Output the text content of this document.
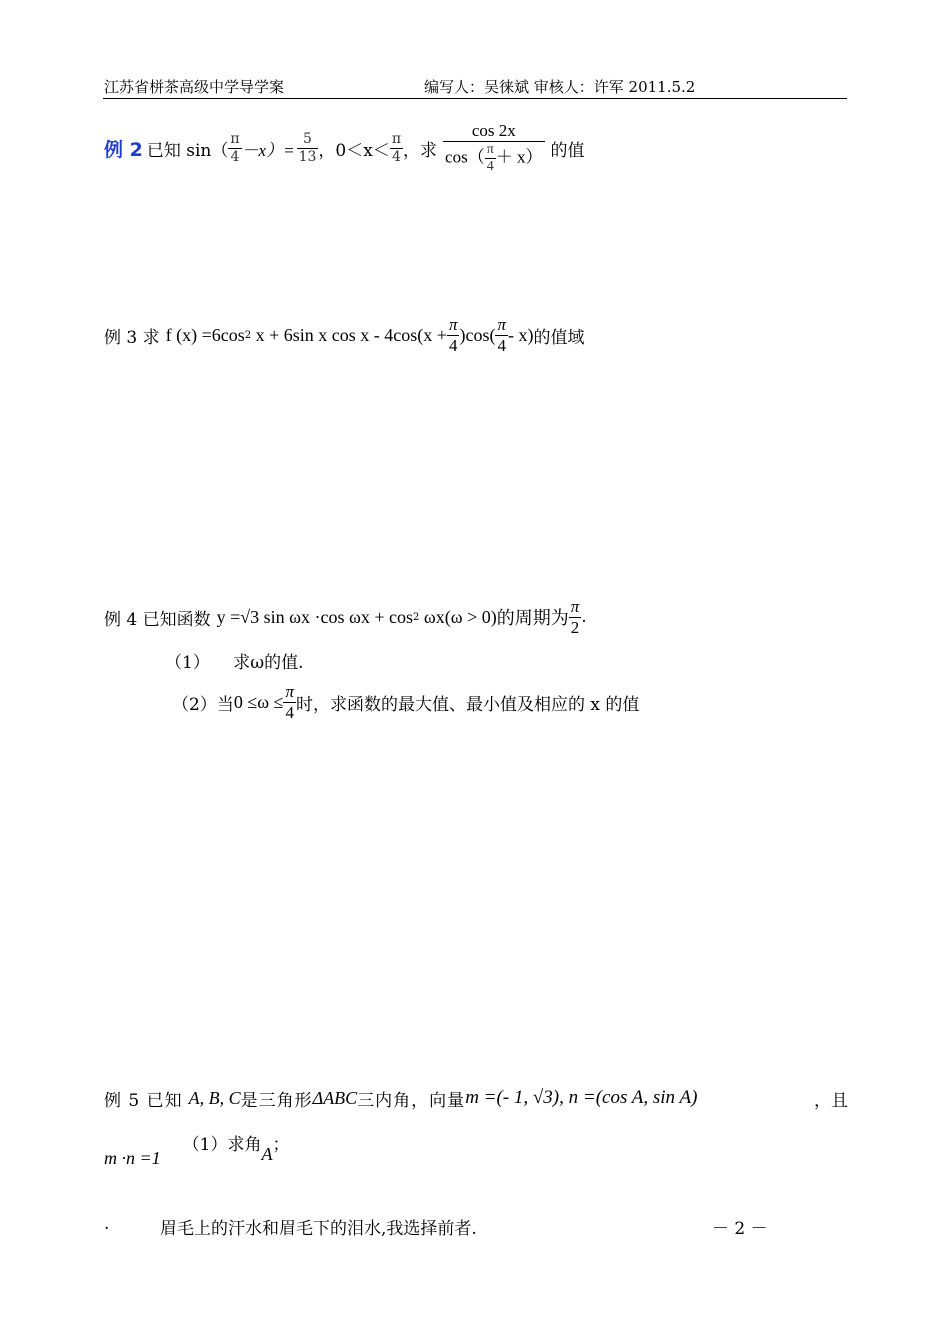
江苏省栟茶高级中学导学案	编写人：吴徕斌 审核人：许军 2011.5.2
例 2 已知 $\sin( \frac{\pi}{4} -x)= \frac{5}{13}$ ，$0<x< \frac{\pi}{4}$ ，求 $\frac{\cos 2x}{\cos( \frac{\pi}{4} + x)}$ 的值
例 3 求 f (x) =6cos 2 x + 6sin x $\cos x - 4\cos(x + \frac{\pi}{4} )\cos( \frac{\pi}{4} - x)$ 的值域
例 4 已知函数 y =√3 sin ωx ·cos ωx + cos 2 ωx(ω > 0) 的周期为 $\frac{\pi}{2}$ .
（1） 求ω的值.
（2）当 $0 \le\omega \le \frac{\pi}{4}$ 时，求函数的最大值、最小值及相应的 x 的值
例 5 已知 A, B, C 是三角形 ΔABC 三内角，向量 m =(- 1, √3), n =(cos A, sin A)	，且
m ·n =1
（1）求角 A ；
.	眉毛上的汗水和眉毛下的泪水,我选择前者.	－ 2 －
